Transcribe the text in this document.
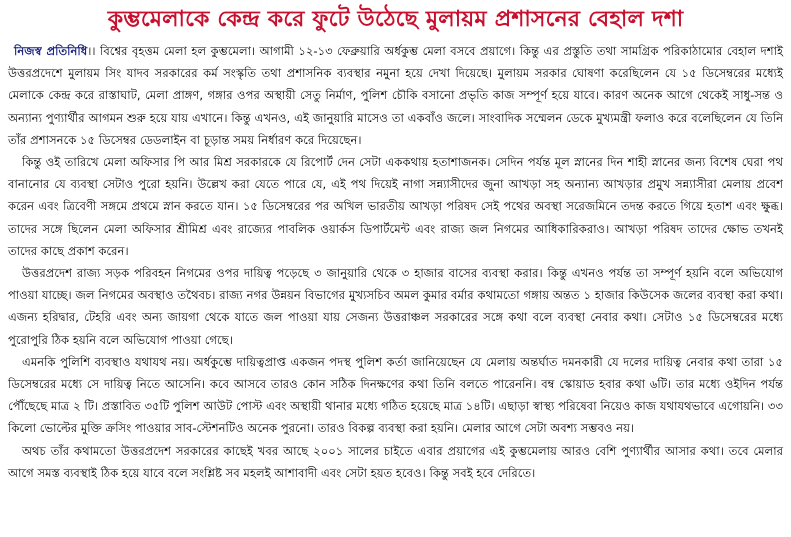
কুম্ভমেলাকে কেন্দ্র করে ফুটে উঠেছে মুলায়ম প্রশাসনের বেহাল দশা

নিজস্ব প্রতিনিধি।। বিশ্বের বৃহত্তম মেলা হল কুম্ভমেলা। আগামী ১২-১৩ ফেব্রুয়ারি অর্ধকুম্ভ মেলা বসবে প্রয়াগে। কিন্তু এর প্রস্তুতি তথা সামগ্রিক পরিকাঠামোর বেহাল দশাই উত্তরপ্রদেশে মুলায়ম সিং যাদব সরকারের কর্ম সংস্কৃতি তথা প্রশাসনিক ব্যবস্থার নমুনা হয়ে দেখা দিয়েছে। মুলায়ম সরকার ঘোষণা করেছিলেন যে ১৫ ডিসেম্বরের মধ্যেই মেলাকে কেন্দ্র করে রাস্তাঘাট, মেলা প্রাঙ্গণ, গঙ্গার ওপর অস্থায়ী সেতু নির্মাণ, পুলিশ চৌকি বসানো প্রভৃতি কাজ সম্পূর্ণ হয়ে যাবে। কারণ অনেক আগে থেকেই সাধু-সন্ত ও অন্যান্য পুণ্যার্থীর আগমন শুরু হয়ে যায় এখানে। কিন্তু এখনও, এই জানুয়ারি মাসেও তা একবাঁও জলে। সাংবাদিক সম্মেলন ডেকে মুখ্যমন্ত্রী ফলাও করে বলেছিলেন যে তিনি তাঁর প্রশাসনকে ১৫ ডিসেম্বর ডেডলাইন বা চূড়ান্ত সময় নির্ধারণ করে দিয়েছেন।

কিন্তু ওই তারিখে মেলা অফিসার পি আর মিশ্র সরকারকে যে রিপোর্ট দেন সেটা এককথায় হতাশাজনক। সেদিন পর্যন্ত মূল স্নানের দিন শাহী স্নানের জন্য বিশেষ ঘেরা পথ বানানোর যে ব্যবস্থা সেটাও পুরো হয়নি। উল্লেখ করা যেতে পারে যে, এই পথ দিয়েই নাগা সন্ন্যাসীদের জুনা আখড়া সহ অন্যান্য আখড়ার প্রমুখ সন্ন্যাসীরা মেলায় প্রবেশ করেন এবং ত্রিবেণী সঙ্গমে প্রথমে স্নান করতে যান। ১৫ ডিসেম্বরের পর অখিল ভারতীয় আখড়া পরিষদ সেই পথের অবস্থা সরেজমিনে তদন্ত করতে গিয়ে হতাশ এবং ক্ষুব্ধ। তাদের সঙ্গে ছিলেন মেলা অফিসার শ্রীমিশ্র এবং রাজ্যের পাবলিক ওয়ার্কস ডিপার্টমেন্ট এবং রাজ্য জল নিগমের আধিকারিকরাও। আখড়া পরিষদ তাদের ক্ষোভ তখনই তাদের কাছে প্রকাশ করেন।

উত্তরপ্রদেশ রাজ্য সড়ক পরিবহন নিগমের ওপর দায়িত্ব পড়েছে ৩ জানুয়ারি থেকে ৩ হাজার বাসের ব্যবস্থা করার। কিন্তু এখনও পর্যন্ত তা সম্পূর্ণ হয়নি বলে অভিযোগ পাওয়া যাচ্ছে। জল নিগমের অবস্থাও তথৈবচ। রাজ্য নগর উন্নয়ন বিভাগের মুখ্যসচিব অমল কুমার বর্মার কথামতো গঙ্গায় অন্তত ১ হাজার কিউসেক জলের ব্যবস্থা করা কথা। এজন্য হরিদ্বার, টেহরি এবং অন্য জায়গা থেকে যাতে জল পাওয়া যায় সেজন্য উত্তরাঞ্চল সরকারের সঙ্গে কথা বলে ব্যবস্থা নেবার কথা। সেটাও ১৫ ডিসেম্বরের মধ্যে পুরোপুরি ঠিক হয়নি বলে অভিযোগ পাওয়া গেছে।

এমনকি পুলিশি ব্যবস্থাও যথাযথ নয়। অর্ধকুম্ভে দায়িত্বপ্রাপ্ত একজন পদস্থ পুলিশ কর্তা জানিয়েছেন যে মেলায় অন্তর্ঘাত দমনকারী যে দলের দায়িত্ব নেবার কথা তারা ১৫ ডিসেম্বরের মধ্যে সে দায়িত্ব নিতে আসেনি। কবে আসবে তারও কোন সঠিক দিনক্ষণের কথা তিনি বলতে পারেননি। বম্ব স্কোয়াড হবার কথা ৬টি। তার মধ্যে ওইদিন পর্যন্ত পৌঁছেছে মাত্র ২ টি। প্রস্তাবিত ৩৫টি পুলিশ আউট পোস্ট এবং অস্থায়ী থানার মধ্যে গঠিত হয়েছে মাত্র ১৪টি। এছাড়া স্বাস্থ্য পরিষেবা নিয়েও কাজ যথাযথভাবে এগোয়নি। ৩৩ কিলো ভোল্টের মুক্তি ক্রসিং পাওয়ার সাব-স্টেশনটিও অনেক পুরনো। তারও বিকল্প ব্যবস্থা করা হয়নি। মেলার আগে সেটা অবশ্য সম্ভবও নয়।

অথচ তাঁর কথামতো উত্তরপ্রদেশ সরকারের কাছেই খবর আছে ২০০১ সালের চাইতে এবার প্রয়াগের এই কুম্ভমেলায় আরও বেশি পুণ্যার্থীর আসার কথা। তবে মেলার আগে সমস্ত ব্যবস্থাই ঠিক হয়ে যাবে বলে সংশ্লিষ্ট সব মহলই আশাবাদী এবং সেটা হয়ত হবেও। কিন্তু সবই হবে দেরিতে।
